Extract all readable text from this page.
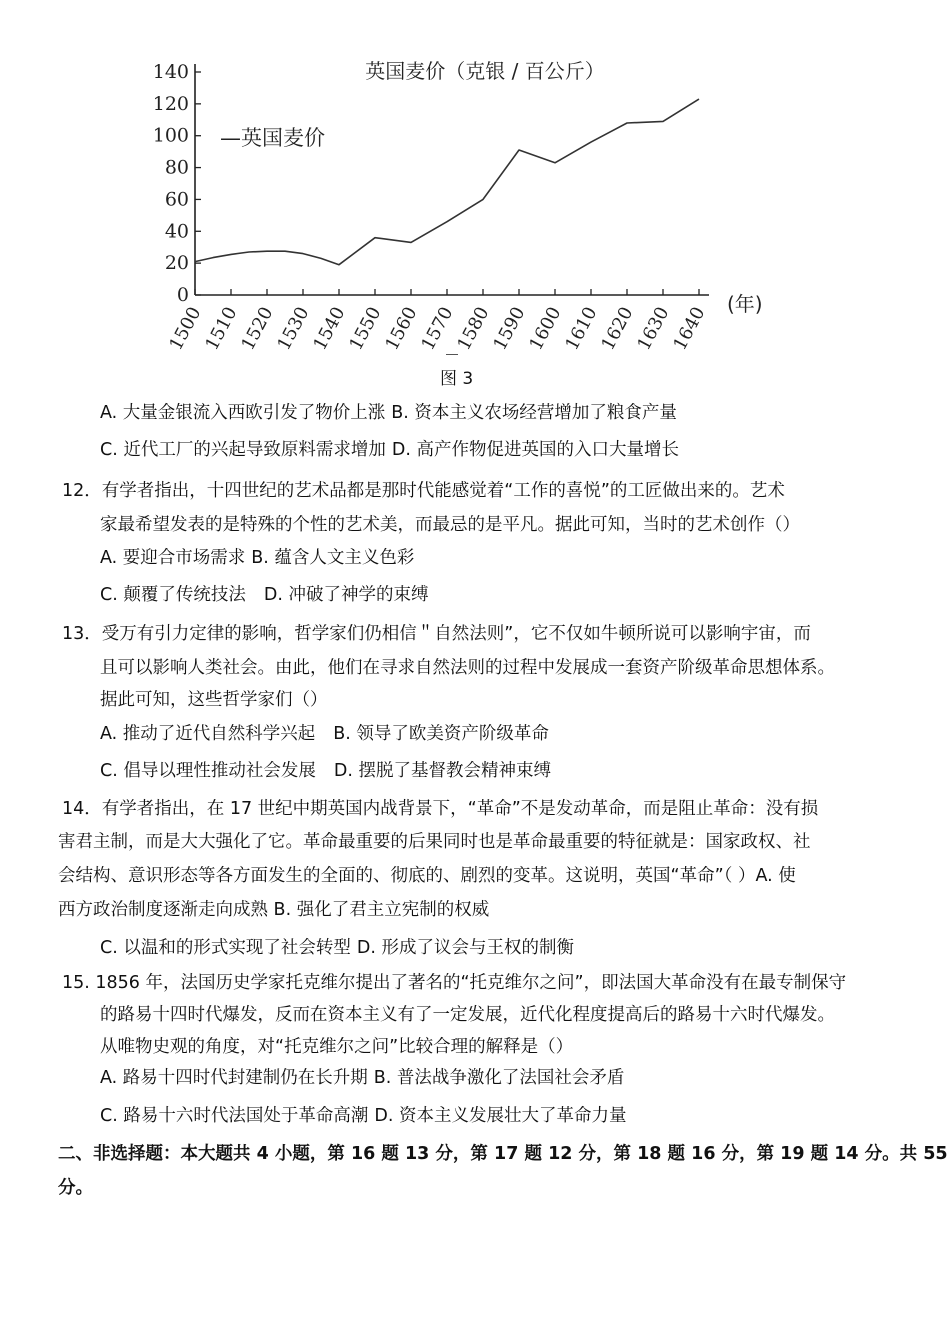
0
20
40
60
80
100
120
140
1500
1510
1520
1530
1540
1550
1560
1570
1580
1590
1600
1610
1620
1630
1640 (年)
英国麦价（克银 / 百公斤）
—英国麦价
图 3
A. 大量金银流入西欧引发了物价上涨 B. 资本主义农场经营增加了粮食产量
C. 近代工厂的兴起导致原料需求增加 D. 高产作物促进英国的入口大量增长
12．有学者指出，十四世纪的艺术品都是那时代能感觉着“工作的喜悦”的工匠做出来的。艺术
家最希望发表的是特殊的个性的艺术美，而最忌的是平凡。据此可知，当时的艺术创作（）
A. 要迎合市场需求 B. 蕴含人文主义色彩
C. 颠覆了传统技法 D. 冲破了神学的束缚
13．受万有引力定律的影响，哲学家们仍相信＂自然法则”，它不仅如牛顿所说可以影响宇宙，而
且可以影响人类社会。由此，他们在寻求自然法则的过程中发展成一套资产阶级革命思想体系。
据此可知，这些哲学家们（）
A. 推动了近代自然科学兴起 B. 领导了欧美资产阶级革命
C. 倡导以理性推动社会发展 D. 摆脱了基督教会精神束缚
14．有学者指出，在 17 世纪中期英国内战背景下，“革命”不是发动革命，而是阻止革命：没有损
害君主制，而是大大强化了它。革命最重要的后果同时也是革命最重要的特征就是：国家政权、社
会结构、意识形态等各方面发生的全面的、彻底的、剧烈的变革。这说明，英国“革命”（ ）A. 使
西方政治制度逐渐走向成熟 B. 强化了君主立宪制的权威
C. 以温和的形式实现了社会转型 D. 形成了议会与王权的制衡
15. 1856 年，法国历史学家托克维尔提出了著名的“托克维尔之问”，即法国大革命没有在最专制保守
的路易十四时代爆发，反而在资本主义有了一定发展，近代化程度提高后的路易十六时代爆发。
从唯物史观的角度，对“托克维尔之问”比较合理的解释是（）
A. 路易十四时代封建制仍在长升期 B. 普法战争激化了法国社会矛盾
C. 路易十六时代法国处于革命高潮 D. 资本主义发展壮大了革命力量
二、非选择题：本大题共 4 小题，第 16 题 13 分，第 17 题 12 分，第 18 题 16 分，第 19 题 14 分。共 55
分。
